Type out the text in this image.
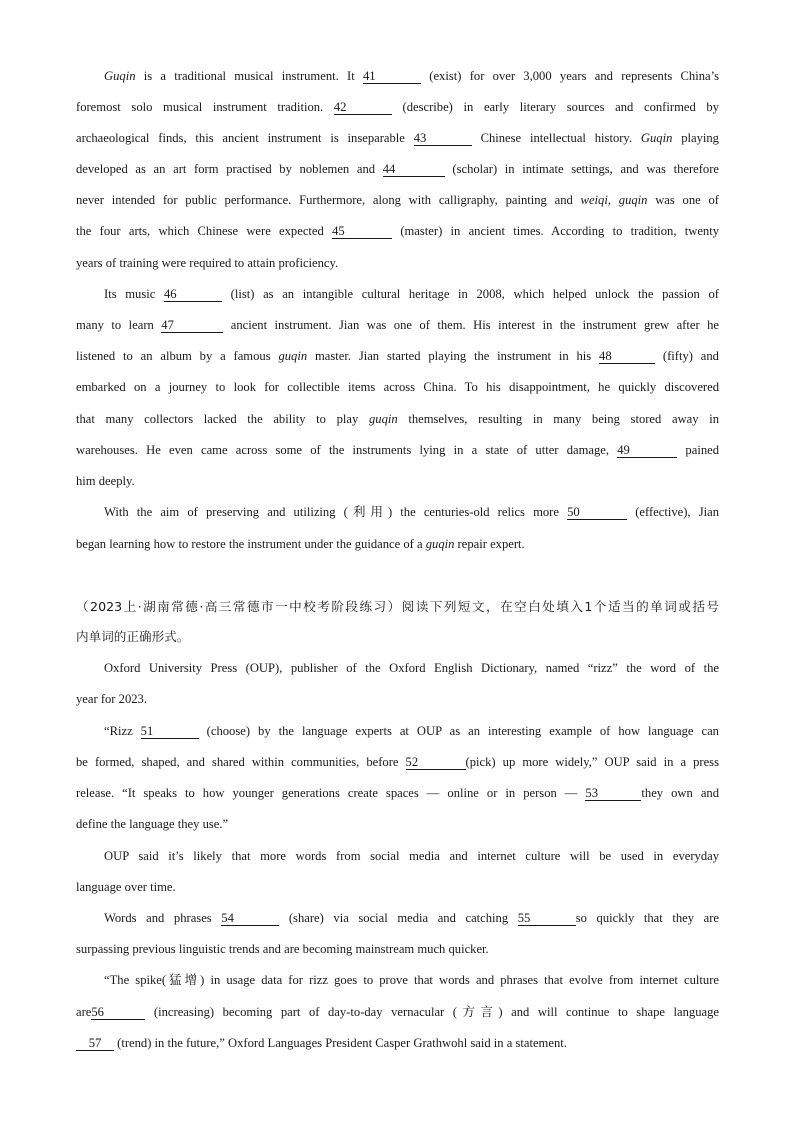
Guqin is a traditional musical instrument. It 41	(exist) for over 3,000 years and represents China’s
foremost solo musical instrument tradition. 42	(describe) in early literary sources and confirmed by
archaeological finds, this ancient instrument is inseparable 43	Chinese intellectual history. Guqin playing
developed as an art form practised by noblemen and 44	(scholar) in intimate settings, and was therefore
never intended for public performance. Furthermore, along with calligraphy, painting and weiqi, guqin was one of
the four arts, which Chinese were expected 45	(master) in ancient times. According to tradition, twenty
years of training were required to attain proficiency.
Its music 46	(list) as an intangible cultural heritage in 2008, which helped unlock the passion of
many to learn 47	ancient instrument. Jian was one of them. His interest in the instrument grew after he
listened to an album by a famous guqin master. Jian started playing the instrument in his 48	(fifty) and
embarked on a journey to look for collectible items across China. To his disappointment, he quickly discovered
that many collectors lacked the ability to play guqin themselves, resulting in many being stored away in
warehouses. He even came across some of the instruments lying in a state of utter damage, 49	pained
him deeply.
With the aim of preserving and utilizing (利用) the centuries-old relics more 50	(effective), Jian
began learning how to restore the instrument under the guidance of a guqin repair expert.
（2023上·湖南常德·高三常德市一中校考阶段练习）阅读下列短文，在空白处填入1个适当的单词或括号
内单词的正确形式。
Oxford University Press (OUP), publisher of the Oxford English Dictionary, named “rizz” the word of the
year for 2023.
“Rizz 51	(choose) by the language experts at OUP as an interesting example of how language can
be formed, shaped, and shared within communities, before 52	(pick) up more widely,” OUP said in a press
release. “It speaks to how younger generations create spaces — online or in person — 53	they own and
define the language they use.”
OUP said it’s likely that more words from social media and internet culture will be used in everyday
language over time.
Words and phrases 54	(share) via social media and catching 55	so quickly that they are
surpassing previous linguistic trends and are becoming mainstream much quicker.
“The spike(猛增) in usage data for rizz goes to prove that words and phrases that evolve from internet culture
are56	(increasing) becoming part of day-to-day vernacular (方言) and will continue to shape language
57 (trend) in the future,” Oxford Languages President Casper Grathwohl said in a statement.
